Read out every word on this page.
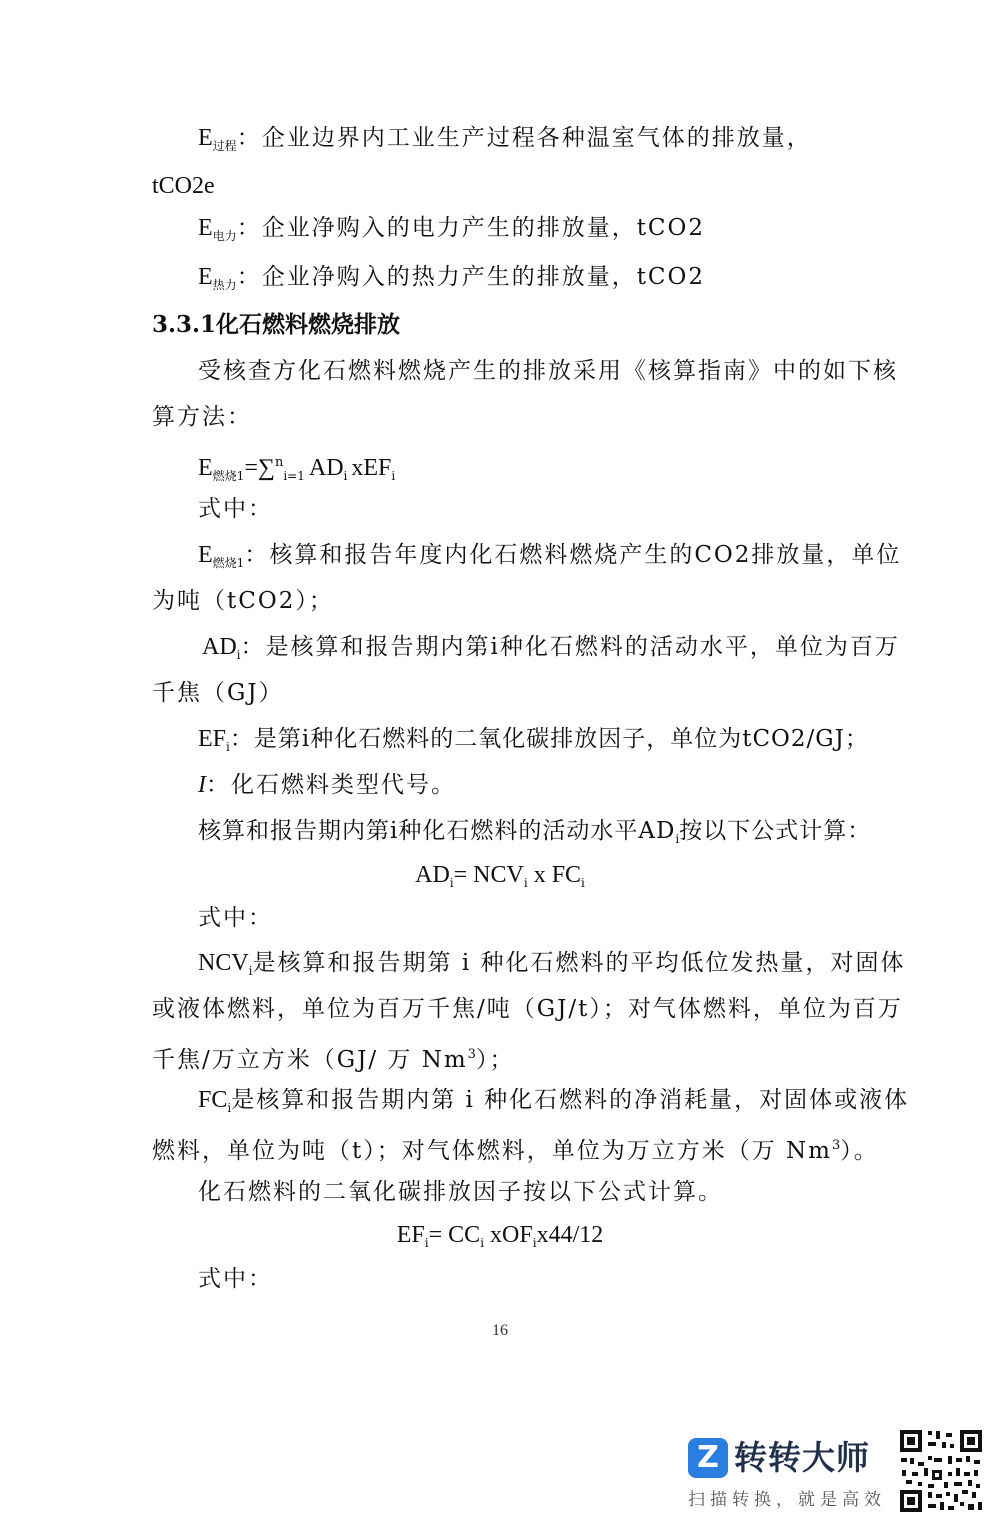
$E_{过程}$：企业边界内工业生产过程各种温室气体的排放量，
tCO2e
$E_{电力}$：企业净购入的电力产生的排放量，tCO2
$E_{热力}$：企业净购入的热力产生的排放量，tCO2
3.3.1化石燃料燃烧排放
受核查方化石燃料燃烧产生的排放采用《核算指南》中的如下核
算方法：
$E_{燃烧1}=\sum^n_{i=1}$ $AD_i$ xEF$_i$
式中：
$E_{燃烧1}$：核算和报告年度内化石燃料燃烧产生的CO2排放量，单位
为吨（tCO2）；
$AD_i$：是核算和报告期内第i种化石燃料的活动水平，单位为百万
千焦（GJ）
$EF_i$：是第i种化石燃料的二氧化碳排放因子，单位为tCO2/GJ；
I：化石燃料类型代号。
核算和报告期内第i种化石燃料的活动水平$AD_i$按以下公式计算：
$AD_i= NCV_i$ x $FC_i$
式中：
$NCV_i$是核算和报告期第 i 种化石燃料的平均低位发热量，对固体
或液体燃料，单位为百万千焦/吨（GJ/t）；对气体燃料，单位为百万
千焦/万立方米（GJ/ 万 Nm$^3$）；
$FC_i$是核算和报告期内第 i 种化石燃料的净消耗量，对固体或液体
燃料，单位为吨（t）；对气体燃料，单位为万立方米（万 Nm$^3$）。
化石燃料的二氧化碳排放因子按以下公式计算。
$EF_i= CC_i$ xOF$_i$x44/12
式中：
16
Z 转转大师
扫描转换，就是高效
